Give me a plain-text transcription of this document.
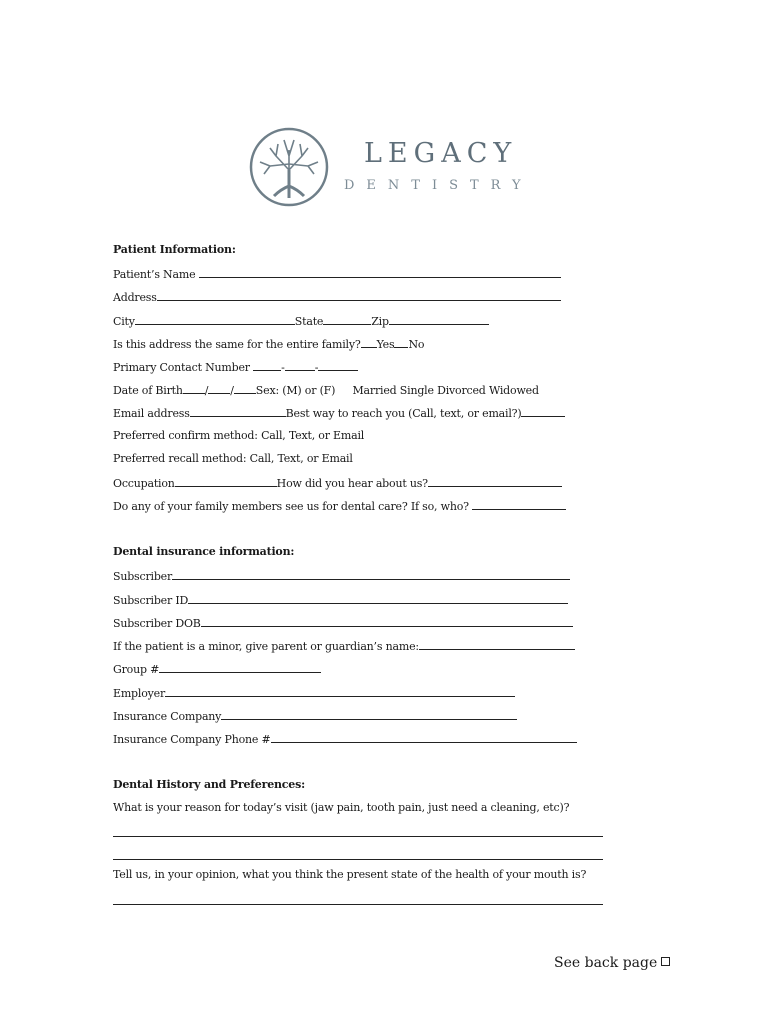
LEGACY
DENTISTRY
Patient Information:
Patient’s Name
Address
City	State	Zip
Is this address the same for the entire family? Yes No
Primary Contact Number	-	-
Date of Birth / / Sex: (M) or (F) Married Single Divorced Widowed
Email address	Best way to reach you (Call, text, or email?)
Preferred confirm method: Call, Text, or Email
Preferred recall method: Call, Text, or Email
Occupation	How did you hear about us?
Do any of your family members see us for dental care? If so, who?
Dental insurance information:
Subscriber
Subscriber ID
Subscriber DOB
If the patient is a minor, give parent or guardian’s name:
Group #
Employer
Insurance Company
Insurance Company Phone #
Dental History and Preferences:
What is your reason for today’s visit (jaw pain, tooth pain, just need a cleaning, etc)?
Tell us, in your opinion, what you think the present state of the health of your mouth is?
See back page
